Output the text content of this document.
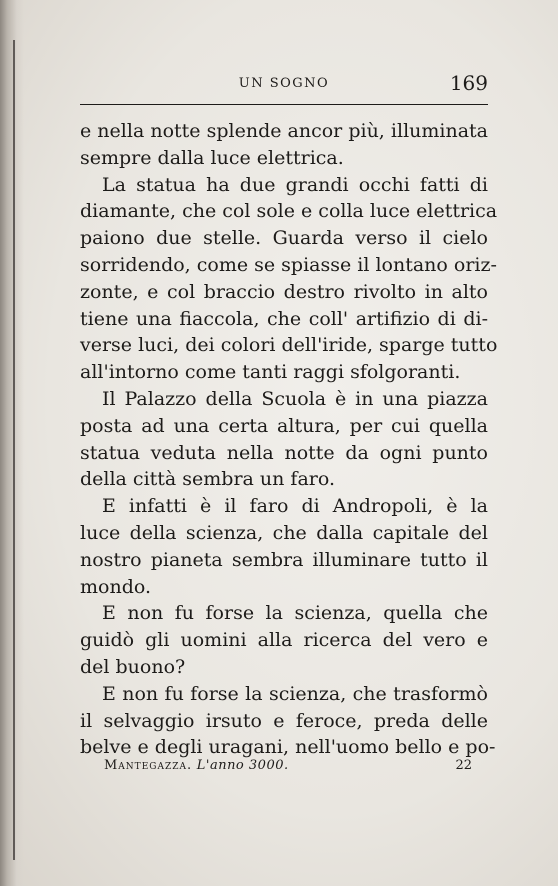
UN SOGNO	169
e nella notte splende ancor più, illuminata
sempre dalla luce elettrica.
La statua ha due grandi occhi fatti di
diamante, che col sole e colla luce elettrica
paiono due stelle. Guarda verso il cielo
sorridendo, come se spiasse il lontano oriz-
zonte, e col braccio destro rivolto in alto
tiene una fiaccola, che coll' artifizio di di-
verse luci, dei colori dell'iride, sparge tutto
all'intorno come tanti raggi sfolgoranti.
Il Palazzo della Scuola è in una piazza
posta ad una certa altura, per cui quella
statua veduta nella notte da ogni punto
della città sembra un faro.
E infatti è il faro di Andropoli, è la
luce della scienza, che dalla capitale del
nostro pianeta sembra illuminare tutto il
mondo.
E non fu forse la scienza, quella che
guidò gli uomini alla ricerca del vero e
del buono?
E non fu forse la scienza, che trasformò
il selvaggio irsuto e feroce, preda delle
belve e degli uragani, nell'uomo bello e po-
Mantegazza. L'anno 3000.	22
